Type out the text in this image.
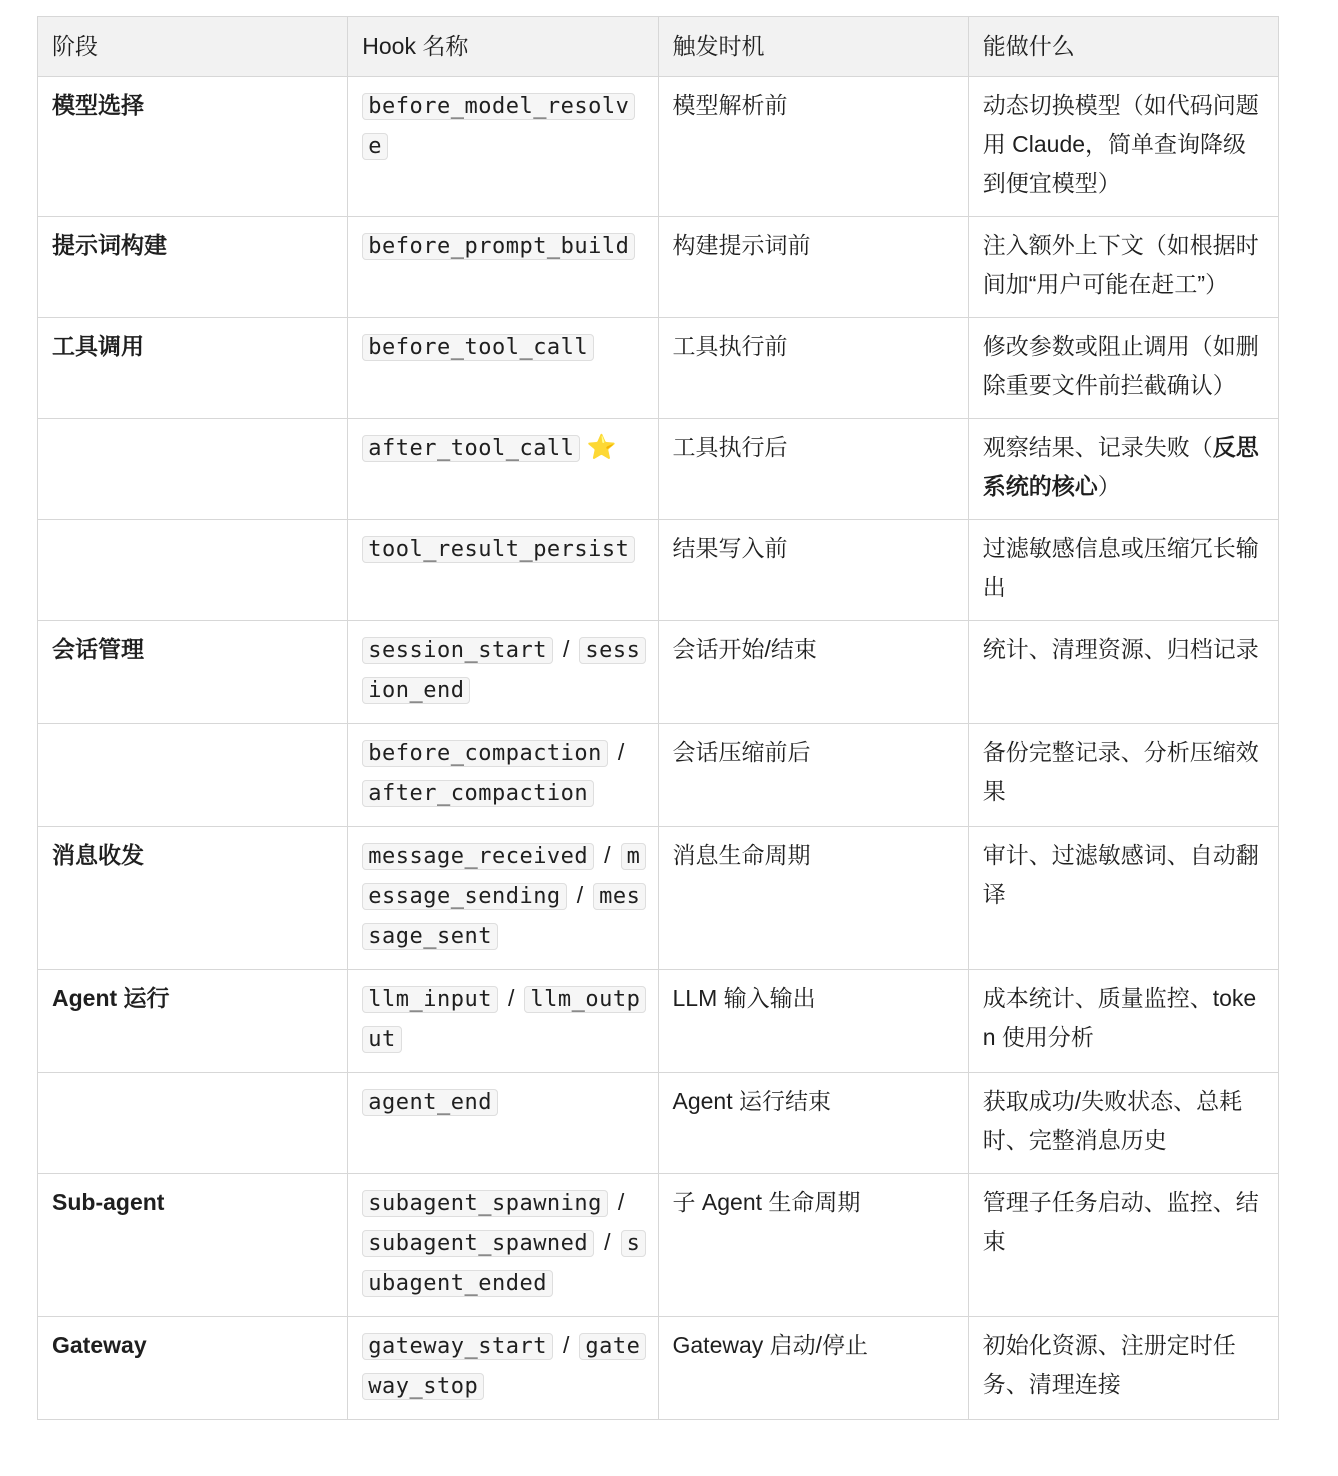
阶段	Hook 名称	触发时机	能做什么
模型选择	before_model_resolve	模型解析前	动态切换模型（如代码问题用 Claude，简单查询降级到便宜模型）
提示词构建	before_prompt_build	构建提示词前	注入额外上下文（如根据时间加“用户可能在赶工”）
工具调用	before_tool_call	工具执行前	修改参数或阻止调用（如删除重要文件前拦截确认）
	after_tool_call ⭐	工具执行后	观察结果、记录失败（反思系统的核心）
	tool_result_persist	结果写入前	过滤敏感信息或压缩冗长输出
会话管理	session_start / session_end	会话开始/结束	统计、清理资源、归档记录
	before_compaction /after_compaction	会话压缩前后	备份完整记录、分析压缩效果
消息收发	message_received / message_sending / message_sent	消息生命周期	审计、过滤敏感词、自动翻译
Agent 运行	llm_input / llm_output	LLM 输入输出	成本统计、质量监控、token 使用分析
	agent_end	Agent 运行结束	获取成功/失败状态、总耗时、完整消息历史
Sub-agent	subagent_spawning /subagent_spawned / subagent_ended	子 Agent 生命周期	管理子任务启动、监控、结束
Gateway	gateway_start / gateway_stop	Gateway 启动/停止	初始化资源、注册定时任务、清理连接
